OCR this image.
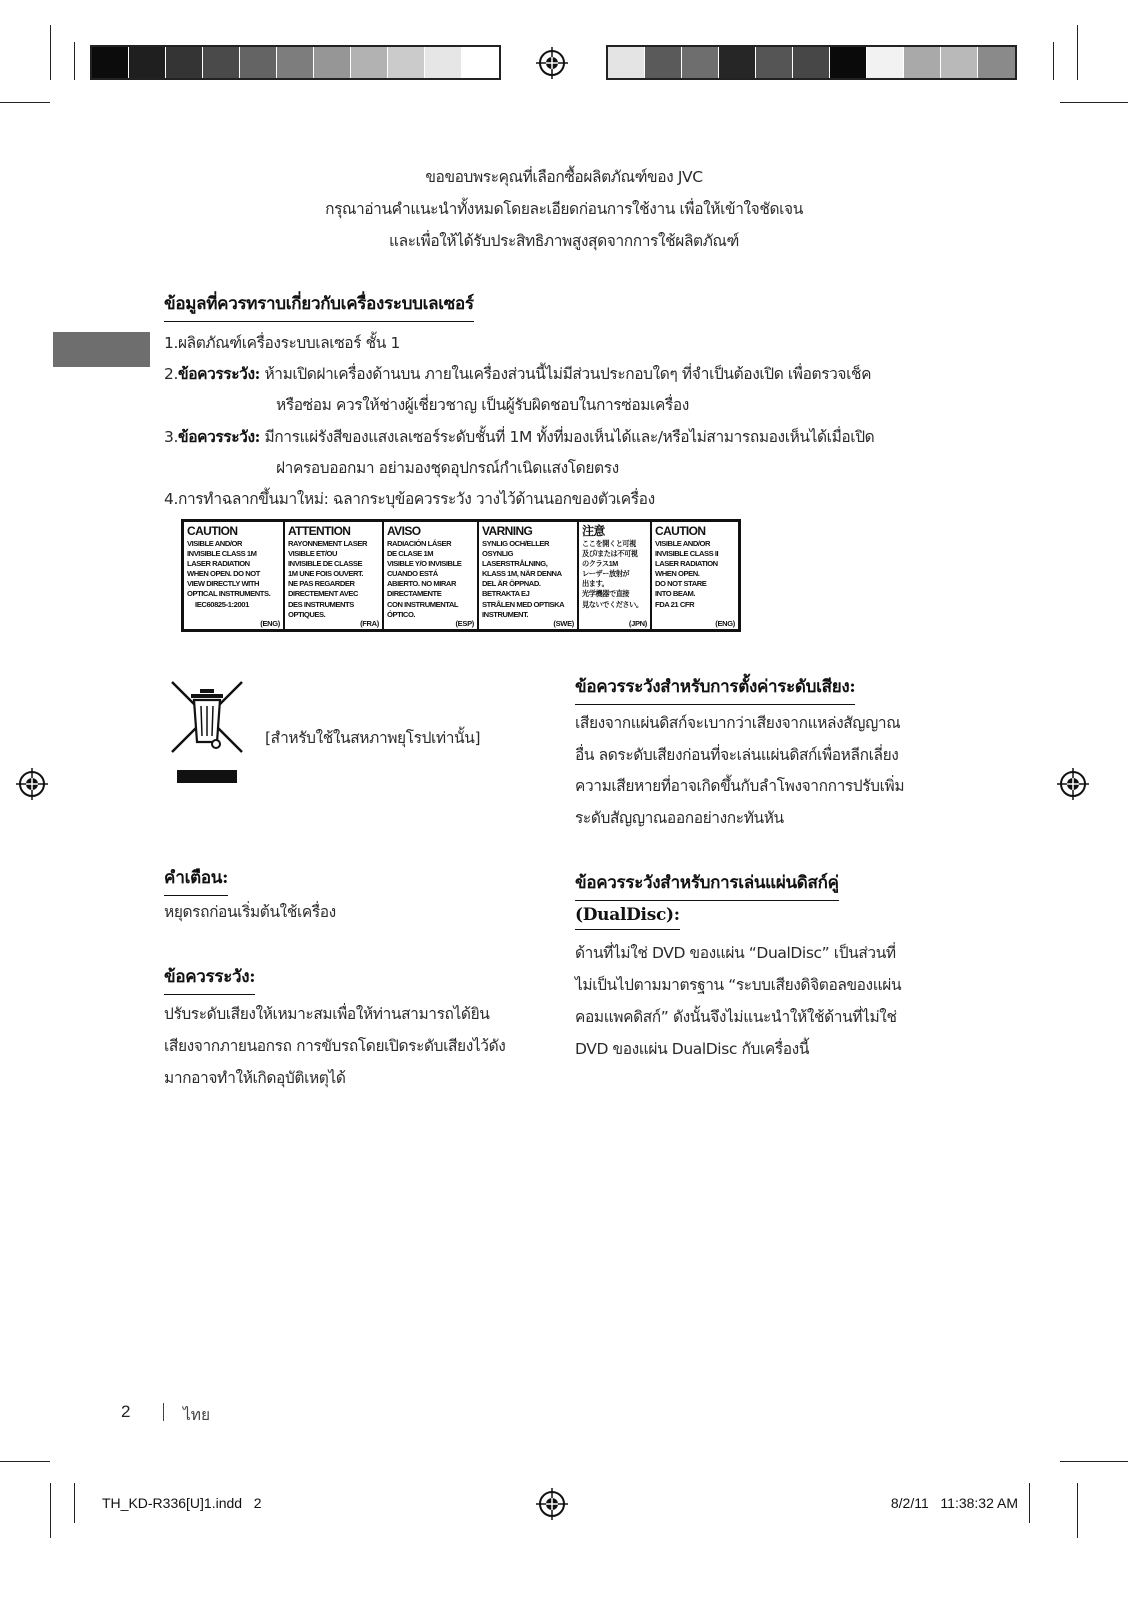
ขอขอบพระคุณที่เลือกซื้อผลิตภัณฑ์ของ JVC
กรุณาอ่านคำแนะนำทั้งหมดโดยละเอียดก่อนการใช้งาน เพื่อให้เข้าใจชัดเจน
และเพื่อให้ได้รับประสิทธิภาพสูงสุดจากการใช้ผลิตภัณฑ์
ข้อมูลที่ควรทราบเกี่ยวกับเครื่องระบบเลเซอร์
1.ผลิตภัณฑ์เครื่องระบบเลเซอร์ ชั้น 1
2.ข้อควรระวัง: ห้ามเปิดฝาเครื่องด้านบน ภายในเครื่องส่วนนี้ไม่มีส่วนประกอบใดๆ ที่จำเป็นต้องเปิด เพื่อตรวจเช็ค
หรือซ่อม ควรให้ช่างผู้เชี่ยวชาญ เป็นผู้รับผิดชอบในการซ่อมเครื่อง
3.ข้อควรระวัง: มีการแผ่รังสีของแสงเลเซอร์ระดับชั้นที่ 1M ทั้งที่มองเห็นได้และ/หรือไม่สามารถมองเห็นได้เมื่อเปิด
ฝาครอบออกมา อย่ามองชุดอุปกรณ์กำเนิดแสงโดยตรง
4.การทำฉลากขึ้นมาใหม่: ฉลากระบุข้อควรระวัง วางไว้ด้านนอกของตัวเครื่อง
CAUTION
VISIBLE AND/OR
INVISIBLE CLASS 1M
LASER RADIATION
WHEN OPEN. DO NOT
VIEW DIRECTLY WITH
OPTICAL INSTRUMENTS.
IEC60825-1:2001
(ENG)
ATTENTION
RAYONNEMENT LASER
VISIBLE ET/OU
INVISIBLE DE CLASSE
1M UNE FOIS OUVERT.
NE PAS REGARDER
DIRECTEMENT AVEC
DES INSTRUMENTS
OPTIQUES.
(FRA)
AVISO
RADIACIÓN LÁSER
DE CLASE 1M
VISIBLE Y/O INVISIBLE
CUANDO ESTÁ
ABIERTO. NO MIRAR
DIRECTAMENTE
CON INSTRUMENTAL
ÓPTICO.
(ESP)
VARNING
SYNLIG OCH/ELLER
OSYNLIG
LASERSTRÅLNING,
KLASS 1M, NÄR DENNA
DEL ÄR ÖPPNAD.
BETRAKTA EJ
STRÅLEN MED OPTISKA
INSTRUMENT.
(SWE)
注意
ここを開くと可視
及び/または不可視
のクラス1M
レーザー放射が
出ます。
光学機器で直接
見ないでください。
(JPN)
CAUTION
VISIBLE AND/OR
INVISIBLE CLASS II
LASER RADIATION
WHEN OPEN.
DO NOT STARE
INTO BEAM.
FDA 21 CFR
(ENG)
[สำหรับใช้ในสหภาพยุโรปเท่านั้น]
คำเตือน:
หยุดรถก่อนเริ่มต้นใช้เครื่อง
ข้อควรระวัง:
ปรับระดับเสียงให้เหมาะสมเพื่อให้ท่านสามารถได้ยิน
เสียงจากภายนอกรถ การขับรถโดยเปิดระดับเสียงไว้ดัง
มากอาจทำให้เกิดอุบัติเหตุได้
ข้อควรระวังสำหรับการตั้งค่าระดับเสียง:
เสียงจากแผ่นดิสก์จะเบากว่าเสียงจากแหล่งสัญญาณ
อื่น ลดระดับเสียงก่อนที่จะเล่นแผ่นดิสก์เพื่อหลีกเลี่ยง
ความเสียหายที่อาจเกิดขึ้นกับลำโพงจากการปรับเพิ่ม
ระดับสัญญาณออกอย่างกะทันหัน
ข้อควรระวังสำหรับการเล่นแผ่นดิสก์คู่
(DualDisc):
ด้านที่ไม่ใช่ DVD ของแผ่น “DualDisc” เป็นส่วนที่
ไม่เป็นไปตามมาตรฐาน “ระบบเสียงดิจิตอลของแผ่น
คอมแพคดิสก์” ดังนั้นจึงไม่แนะนำให้ใช้ด้านที่ไม่ใช่
DVD ของแผ่น DualDisc กับเครื่องนี้
2	ไทย
TH_KD-R336[U]1.indd   2	8/2/11   11:38:32 AM
